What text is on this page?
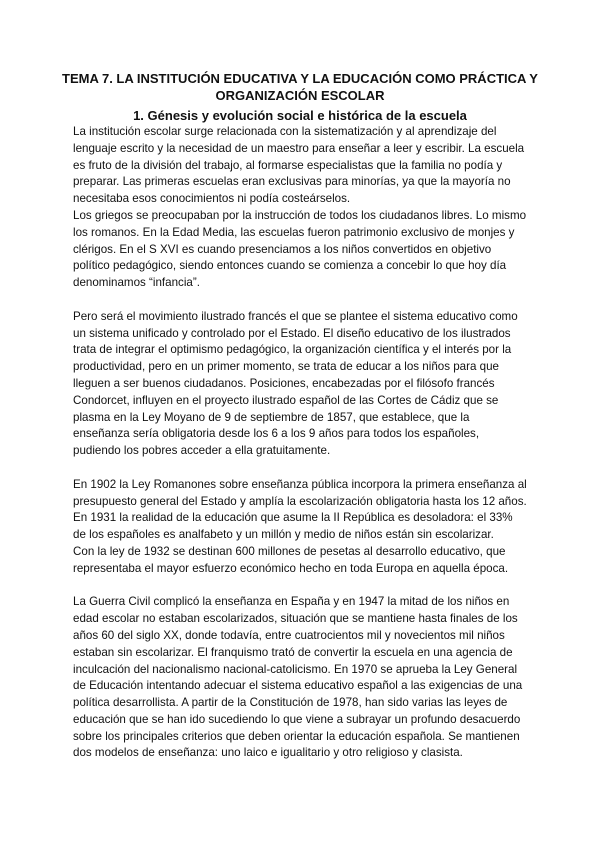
TEMA 7. LA INSTITUCIÓN EDUCATIVA Y LA EDUCACIÓN COMO PRÁCTICA Y ORGANIZACIÓN ESCOLAR
1. Génesis y evolución social e histórica de la escuela

La institución escolar surge relacionada con la sistematización y al aprendizaje del lenguaje escrito y la necesidad de un maestro para enseñar a leer y escribir. La escuela es fruto de la división del trabajo, al formarse especialistas que la familia no podía y preparar. Las primeras escuelas eran exclusivas para minorías, ya que la mayoría no necesitaba esos conocimientos ni podía costeárselos.

Los griegos se preocupaban por la instrucción de todos los ciudadanos libres. Lo mismo los romanos. En la Edad Media, las escuelas fueron patrimonio exclusivo de monjes y clérigos. En el S XVI es cuando presenciamos a los niños convertidos en objetivo político pedagógico, siendo entonces cuando se comienza a concebir lo que hoy día denominamos “infancia”.

Pero será el movimiento ilustrado francés el que se plantee el sistema educativo como un sistema unificado y controlado por el Estado. El diseño educativo de los ilustrados trata de integrar el optimismo pedagógico, la organización científica y el interés por la productividad, pero en un primer momento, se trata de educar a los niños para que lleguen a ser buenos ciudadanos. Posiciones, encabezadas por el filósofo francés Condorcet, influyen en el proyecto ilustrado español de las Cortes de Cádiz que se plasma en la Ley Moyano de 9 de septiembre de 1857, que establece, que la enseñanza sería obligatoria desde los 6 a los 9 años para todos los españoles, pudiendo los pobres acceder a ella gratuitamente.

En 1902 la Ley Romanones sobre enseñanza pública incorpora la primera enseñanza al presupuesto general del Estado y amplía la escolarización obligatoria hasta los 12 años. En 1931 la realidad de la educación que asume la II República es desoladora: el 33% de los españoles es analfabeto y un millón y medio de niños están sin escolarizar.

Con la ley de 1932 se destinan 600 millones de pesetas al desarrollo educativo, que representaba el mayor esfuerzo económico hecho en toda Europa en aquella época.

La Guerra Civil complicó la enseñanza en España y en 1947 la mitad de los niños en edad escolar no estaban escolarizados, situación que se mantiene hasta finales de los años 60 del siglo XX, donde todavía, entre cuatrocientos mil y novecientos mil niños estaban sin escolarizar. El franquismo trató de convertir la escuela en una agencia de inculcación del nacionalismo nacional-catolicismo. En 1970 se aprueba la Ley General de Educación intentando adecuar el sistema educativo español a las exigencias de una política desarrollista. A partir de la Constitución de 1978, han sido varias las leyes de educación que se han ido sucediendo lo que viene a subrayar un profundo desacuerdo sobre los principales criterios que deben orientar la educación española. Se mantienen dos modelos de enseñanza: uno laico e igualitario y otro religioso y clasista.
